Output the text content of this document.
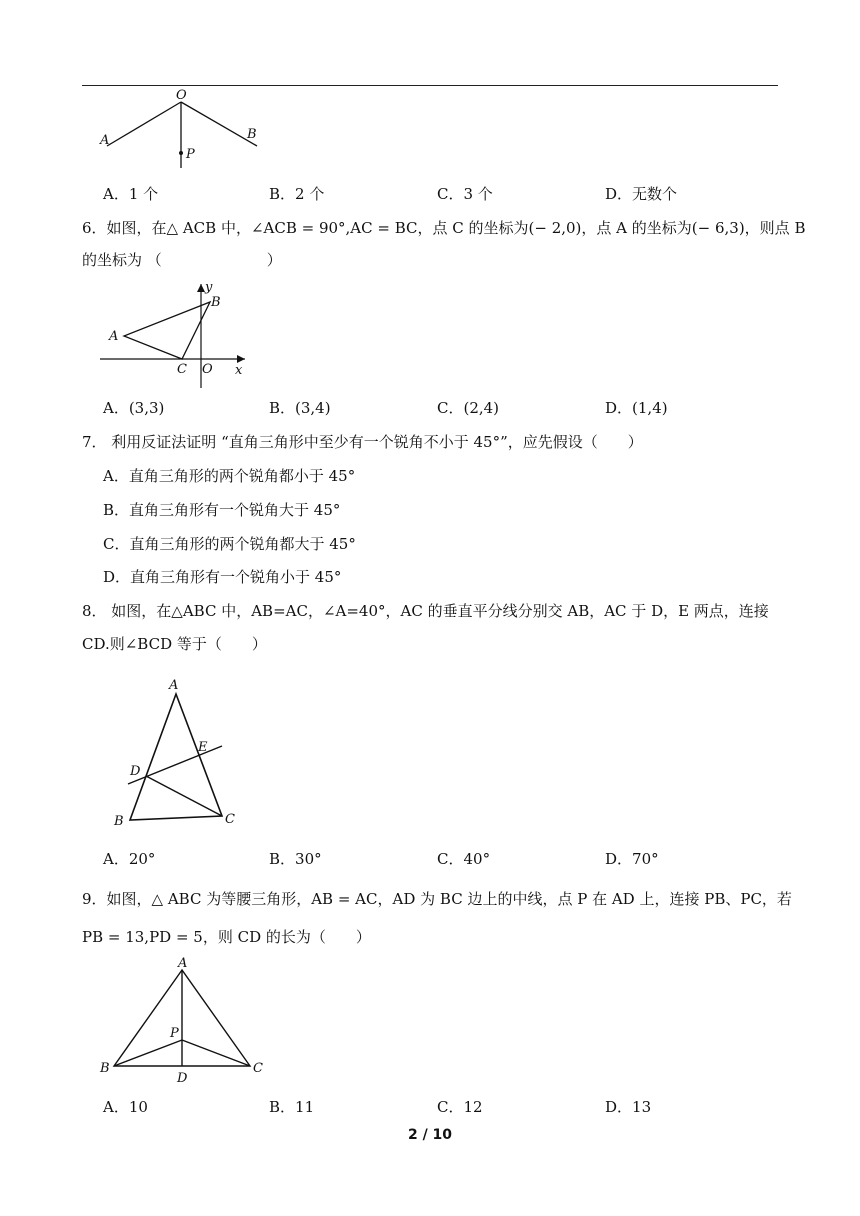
O
A	B
P
A．1 个	B．2 个	C．3 个	D．无数个
6．如图，在△ ACB 中，∠ACB = 90°,AC = BC，点 C 的坐标为(− 2,0)，点 A 的坐标为(− 6,3)，则点 B
的坐标为 （　　　　　　　）
y
B
A
C O x
A．(3,3)	B．(3,4)	C．(2,4)	D．(1,4)
7． 利用反证法证明 “直角三角形中至少有一个锐角不小于 45°”，应先假设（　　）
A．直角三角形的两个锐角都小于 45°
B．直角三角形有一个锐角大于 45°
C．直角三角形的两个锐角都大于 45°
D．直角三角形有一个锐角小于 45°
8． 如图，在△ABC 中，AB=AC，∠A=40°，AC 的垂直平分线分别交 AB，AC 于 D，E 两点，连接
CD.则∠BCD 等于（　　）
A
E
D
B	C
A．20°	B．30°	C．40°	D．70°
9．如图，△ ABC 为等腰三角形，AB = AC，AD 为 BC 边上的中线，点 P 在 AD 上，连接 PB、PC，若
PB = 13,PD = 5，则 CD 的长为（　　）
A
P
B
D
C
A．10	B．11	C．12	D．13
2 / 10
